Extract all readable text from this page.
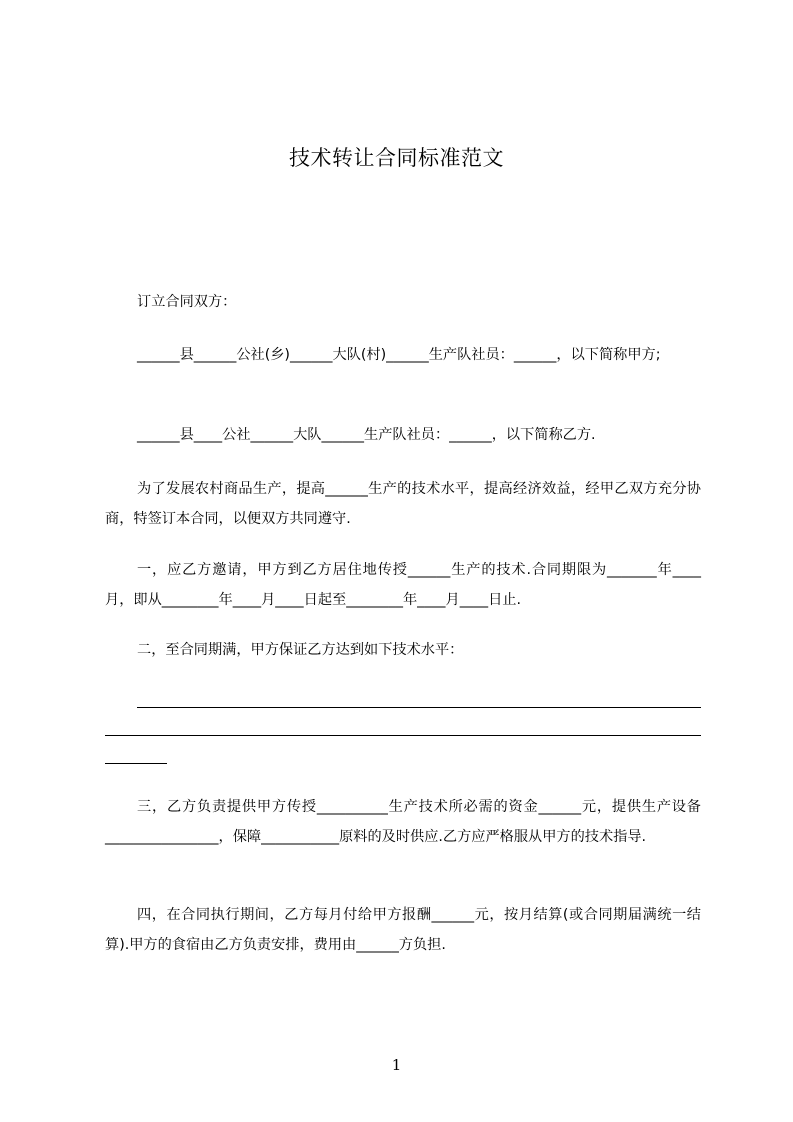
技术转让合同标准范文

订立合同双方：

______县______公社(乡)______大队(村)______生产队社员：______，以下简称甲方;

______县____公社______大队______生产队社员：______，以下简称乙方.

为了发展农村商品生产，提高______生产的技术水平，提高经济效益，经甲乙双方充分协商，特签订本合同，以便双方共同遵守.

一，应乙方邀请，甲方到乙方居住地传授______生产的技术.合同期限为_______年____月，即从________年____月____日起至________年____月____日止.

二，至合同期满，甲方保证乙方达到如下技术水平：

三，乙方负责提供甲方传授__________生产技术所必需的资金______元，提供生产设备________________，保障___________原料的及时供应.乙方应严格服从甲方的技术指导.

四，在合同执行期间，乙方每月付给甲方报酬______元，按月结算(或合同期届满统一结算).甲方的食宿由乙方负责安排，费用由______方负担.

1
